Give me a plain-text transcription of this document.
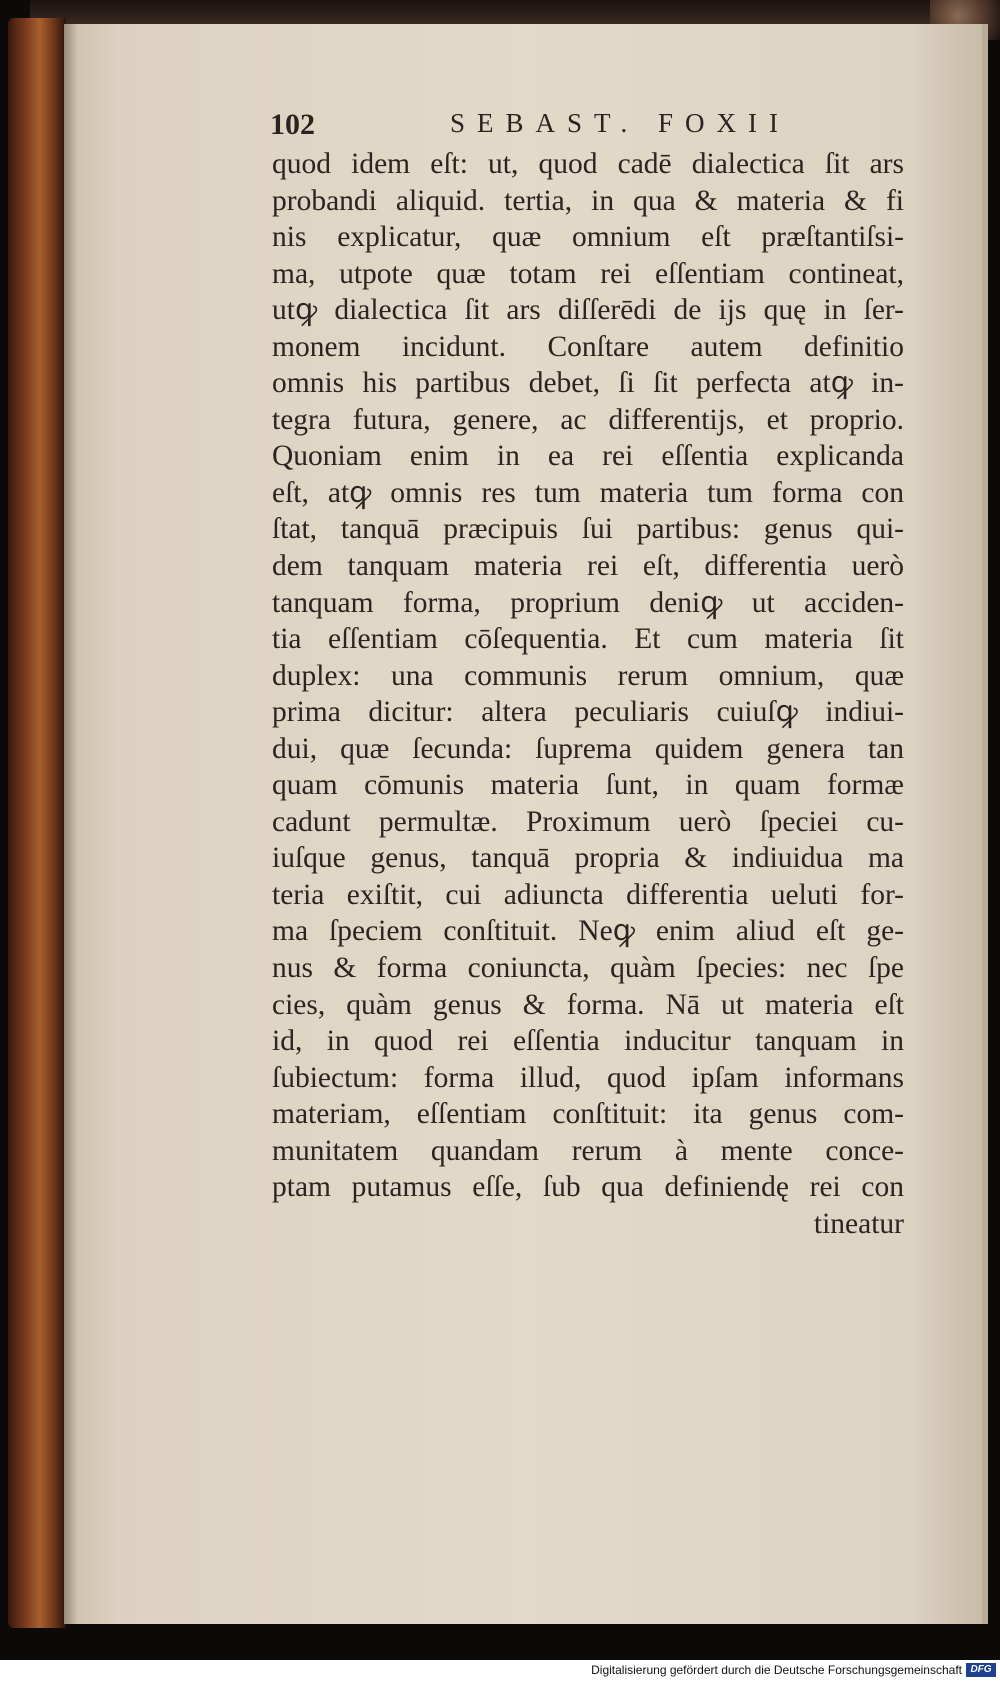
102	SEBAST. FOXII
quod idem eſt: ut, quod cadē dialectica ſit ars
probandi aliquid. tertia, in qua & materia & fi
nis explicatur, quæ omnium eſt præſtantiſsi-
ma, utpote quæ totam rei eſſentiam contineat,
utꝙ dialectica ſit ars diſſerēdi de ijs quę in ſer-
monem incidunt. Conſtare autem definitio
omnis his partibus debet, ſi ſit perfecta atꝙ in-
tegra futura, genere, ac differentijs, et proprio.
Quoniam enim in ea rei eſſentia explicanda
eſt, atꝙ omnis res tum materia tum forma con
ſtat, tanquā præcipuis ſui partibus: genus qui-
dem tanquam materia rei eſt, differentia uerò
tanquam forma, proprium deniꝙ ut acciden-
tia eſſentiam cōſequentia. Et cum materia ſit
duplex: una communis rerum omnium, quæ
prima dicitur: altera peculiaris cuiuſꝙ indiui-
dui, quæ ſecunda: ſuprema quidem genera tan
quam cōmunis materia ſunt, in quam formæ
cadunt permultæ. Proximum uerò ſpeciei cu-
iuſque genus, tanquā propria & indiuidua ma
teria exiſtit, cui adiuncta differentia ueluti for-
ma ſpeciem conſtituit. Neꝙ enim aliud eſt ge-
nus & forma coniuncta, quàm ſpecies: nec ſpe
cies, quàm genus & forma. Nā ut materia eſt
id, in quod rei eſſentia inducitur tanquam in
ſubiectum: forma illud, quod ipſam informans
materiam, eſſentiam conſtituit: ita genus com-
munitatem quandam rerum à mente conce-
ptam putamus eſſe, ſub qua definiendę rei con
tineatur
Digitalisierung gefördert durch die Deutsche Forschungsgemeinschaft DFG
